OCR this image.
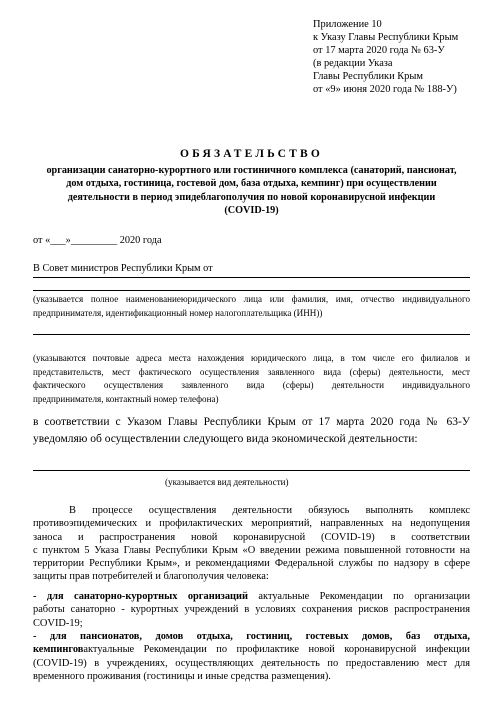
Приложение 10
к Указу Главы Республики Крым
от 17 марта 2020 года № 63-У
(в редакции Указа
Главы Республики Крым
от «9» июня 2020 года № 188-У)
ОБЯЗАТЕЛЬСТВО
организации санаторно-курортного или гостиничного комплекса (санаторий, пансионат,
дом отдыха, гостиница, гостевой дом, база отдыха, кемпинг) при осуществлении
деятельности в период эпидеблагополучия по новой коронавирусной инфекции
(COVID-19)
от «___»_________ 2020 года
В Совет министров Республики Крым от
(указывается полное наименованиеюридического лица или фамилия, имя, отчество индивидуального
предпринимателя, идентификационный номер налогоплательщика (ИНН))
(указываются почтовые адреса места нахождения юридического лица, в том числе его филиалов и
представительств, мест фактического осуществления заявленного вида (сферы) деятельности, мест
фактического осуществления заявленного вида (сферы) деятельности индивидуального
предпринимателя, контактный номер телефона)
в соответствии с Указом Главы Республики Крым от 17 марта 2020 года № 63-У
уведомляю об осуществлении следующего вида экономической деятельности:
(указывается вид деятельности)
В процессе осуществления деятельности обязуюсь выполнять комплекс
противоэпидемических и профилактических мероприятий, направленных на недопущения
заноса и распространения новой коронавирусной (COVID-19) в соответствии
с пунктом 5 Указа Главы Республики Крым «О введении режима повышенной готовности на
территории Республики Крым», и рекомендациями Федеральной службы по надзору в сфере
защиты прав потребителей и благополучия человека:
- для санаторно-курортных организаций актуальные Рекомендации по организации
работы санаторно - курортных учреждений в условиях сохранения рисков распространения
COVID-19;
- для пансионатов, домов отдыха, гостиниц, гостевых домов, баз отдыха,
кемпинговактуальные Рекомендации по профилактике новой коронавирусной инфекции
(COVID-19) в учреждениях, осуществляющих деятельность по предоставлению мест для
временного проживания (гостиницы и иные средства размещения).
